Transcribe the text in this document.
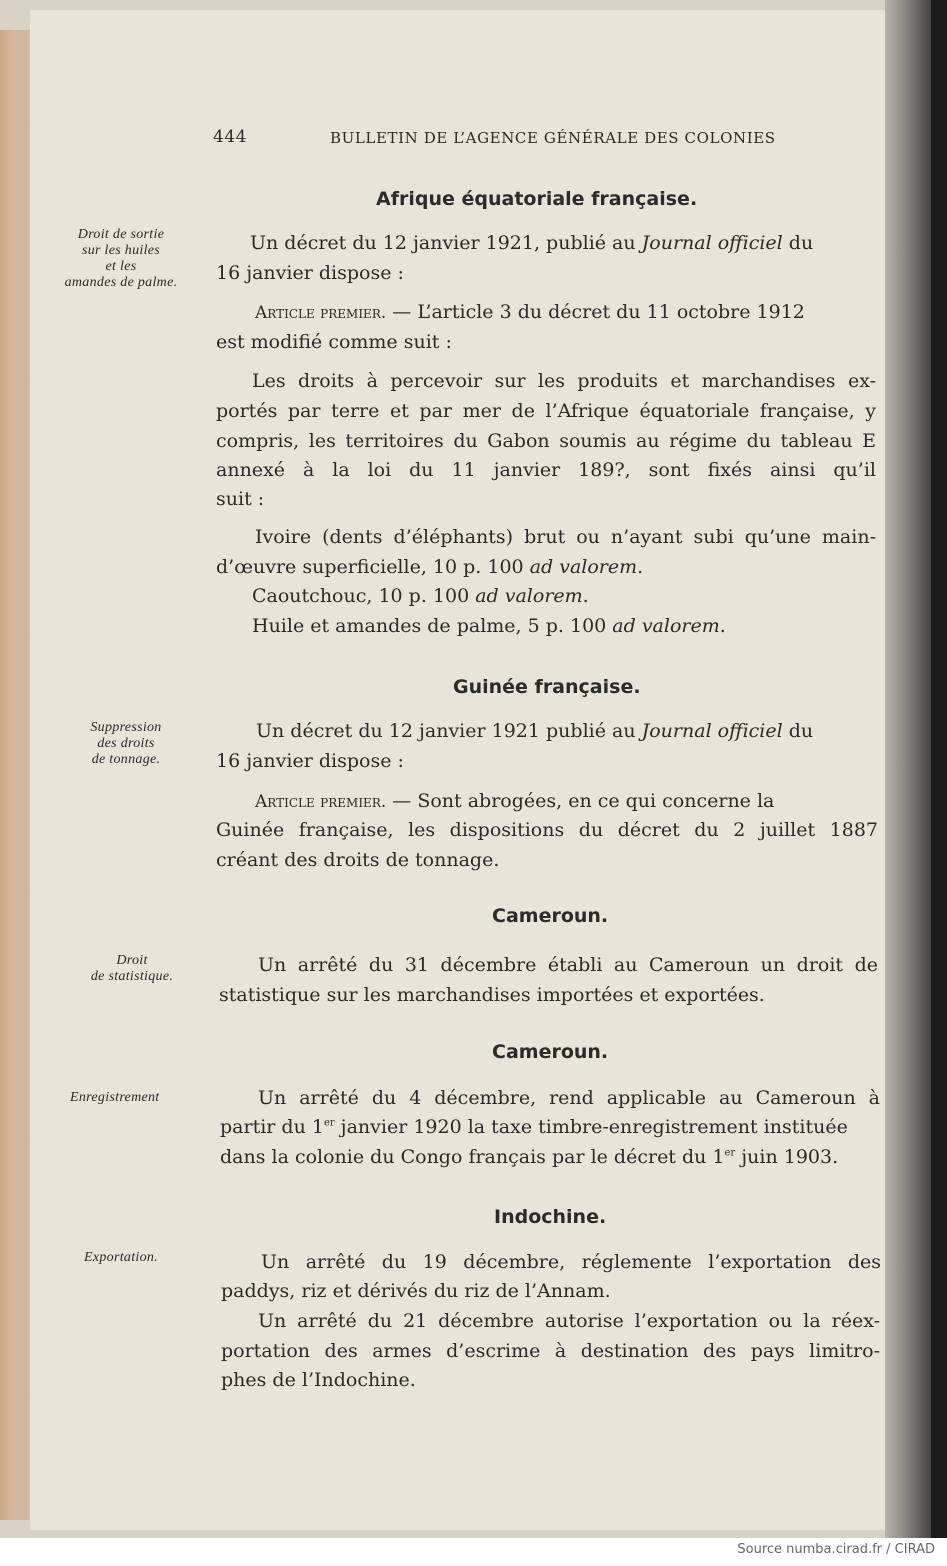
444	BULLETIN DE L’AGENCE GÉNÉRALE DES COLONIES
Afrique équatoriale française.
Droit de sortie
sur les huiles
et les
amandes de palme.
Un décret du 12 janvier 1921, publié au Journal officiel du
16 janvier dispose :
Article premier. — L’article 3 du décret du 11 octobre 1912
est modifié comme suit :
Les droits à percevoir sur les produits et marchandises ex-
portés par terre et par mer de l’Afrique équatoriale française, y
compris, les territoires du Gabon soumis au régime du tableau E
annexé à la loi du 11 janvier 189?, sont fixés ainsi qu’il
suit :
Ivoire (dents d’éléphants) brut ou n’ayant subi qu’une main-
d’œuvre superficielle, 10 p. 100 ad valorem.
Caoutchouc, 10 p. 100 ad valorem.
Huile et amandes de palme, 5 p. 100 ad valorem.
Guinée française.
Suppression
des droits
de tonnage.
Un décret du 12 janvier 1921 publié au Journal officiel du
16 janvier dispose :
Article premier. — Sont abrogées, en ce qui concerne la
Guinée française, les dispositions du décret du 2 juillet 1887
créant des droits de tonnage.
Cameroun.
Droit
de statistique.
Un arrêté du 31 décembre établi au Cameroun un droit de
statistique sur les marchandises importées et exportées.
Cameroun.
Enregistrement	Un arrêté du 4 décembre, rend applicable au Cameroun à
partir du 1er janvier 1920 la taxe timbre-enregistrement instituée
dans la colonie du Congo français par le décret du 1er juin 1903.
Indochine.
Exportation.	Un arrêté du 19 décembre, réglemente l’exportation des
paddys, riz et dérivés du riz de l’Annam.
Un arrêté du 21 décembre autorise l’exportation ou la réex-
portation des armes d’escrime à destination des pays limitro-
phes de l’Indochine.
Source numba.cirad.fr / CIRAD
